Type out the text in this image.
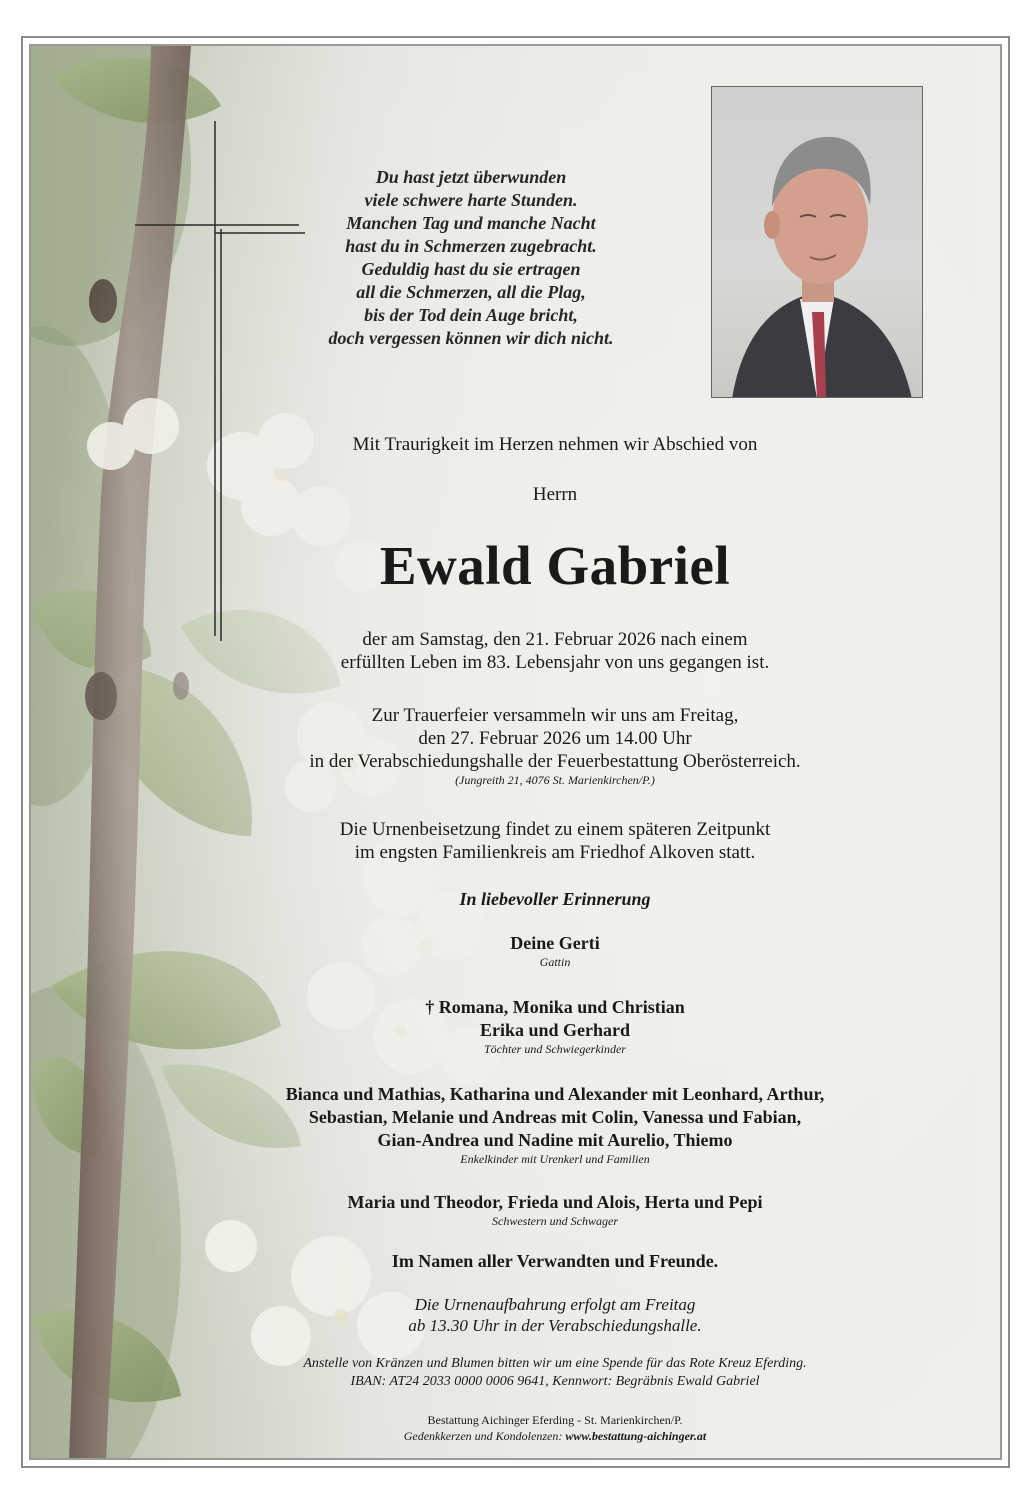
Du hast jetzt überwunden
viele schwere harte Stunden.
Manchen Tag und manche Nacht
hast du in Schmerzen zugebracht.
Geduldig hast du sie ertragen
all die Schmerzen, all die Plag,
bis der Tod dein Auge bricht,
doch vergessen können wir dich nicht.
Mit Traurigkeit im Herzen nehmen wir Abschied von
Herrn
Ewald Gabriel
der am Samstag, den 21. Februar 2026 nach einem
erfüllten Leben im 83. Lebensjahr von uns gegangen ist.
Zur Trauerfeier versammeln wir uns am Freitag,
den 27. Februar 2026 um 14.00 Uhr
in der Verabschiedungshalle der Feuerbestattung Oberösterreich.
(Jungreith 21, 4076 St. Marienkirchen/P.)
Die Urnenbeisetzung findet zu einem späteren Zeitpunkt
im engsten Familienkreis am Friedhof Alkoven statt.
In liebevoller Erinnerung
Deine Gerti
Gattin
† Romana, Monika und Christian
Erika und Gerhard
Töchter und Schwiegerkinder
Bianca und Mathias, Katharina und Alexander mit Leonhard, Arthur,
Sebastian, Melanie und Andreas mit Colin, Vanessa und Fabian,
Gian-Andrea und Nadine mit Aurelio, Thiemo
Enkelkinder mit Urenkerl und Familien
Maria und Theodor, Frieda und Alois, Herta und Pepi
Schwestern und Schwager
Im Namen aller Verwandten und Freunde.
Die Urnenaufbahrung erfolgt am Freitag
ab 13.30 Uhr in der Verabschiedungshalle.
Anstelle von Kränzen und Blumen bitten wir um eine Spende für das Rote Kreuz Eferding.
IBAN: AT24 2033 0000 0006 9641, Kennwort: Begräbnis Ewald Gabriel
Bestattung Aichinger Eferding - St. Marienkirchen/P.
Gedenkkerzen und Kondolenzen: www.bestattung-aichinger.at
